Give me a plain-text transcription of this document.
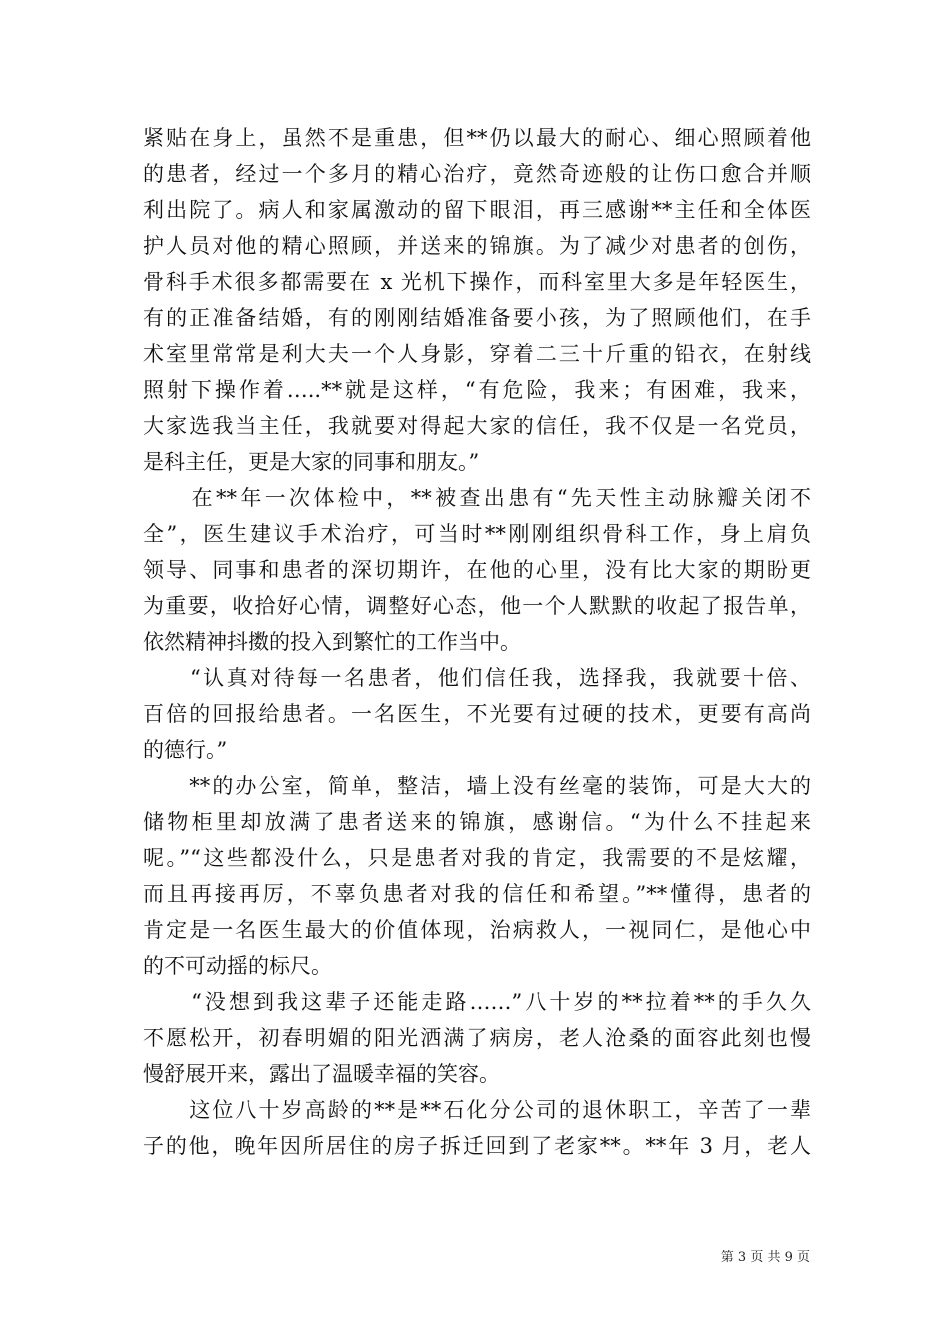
紧贴在身上，虽然不是重患，但**仍以最大的耐心、细心照顾着他
的患者，经过一个多月的精心治疗，竟然奇迹般的让伤口愈合并顺
利出院了。病人和家属激动的留下眼泪，再三感谢**主任和全体医
护人员对他的精心照顾，并送来的锦旗。为了减少对患者的创伤，
骨科手术很多都需要在 x 光机下操作，而科室里大多是年轻医生，
有的正准备结婚，有的刚刚结婚准备要小孩，为了照顾他们，在手
术室里常常是利大夫一个人身影，穿着二三十斤重的铅衣，在射线
照射下操作着…..**就是这样，“有危险，我来；有困难，我来，
大家选我当主任，我就要对得起大家的信任，我不仅是一名党员，
是科主任，更是大家的同事和朋友。”
　　在**年一次体检中，**被查出患有“先天性主动脉瓣关闭不
全”，医生建议手术治疗，可当时**刚刚组织骨科工作，身上肩负
领导、同事和患者的深切期许，在他的心里，没有比大家的期盼更
为重要，收拾好心情，调整好心态，他一个人默默的收起了报告单，
依然精神抖擞的投入到繁忙的工作当中。
　　“认真对待每一名患者，他们信任我，选择我，我就要十倍、
百倍的回报给患者。一名医生，不光要有过硬的技术，更要有高尚
的德行。”
　　**的办公室，简单，整洁，墙上没有丝毫的装饰，可是大大的
储物柜里却放满了患者送来的锦旗，感谢信。“为什么不挂起来
呢。”“这些都没什么，只是患者对我的肯定，我需要的不是炫耀，
而且再接再厉，不辜负患者对我的信任和希望。”**懂得，患者的
肯定是一名医生最大的价值体现，治病救人，一视同仁，是他心中
的不可动摇的标尺。
　　“没想到我这辈子还能走路……”八十岁的**拉着**的手久久
不愿松开，初春明媚的阳光洒满了病房，老人沧桑的面容此刻也慢
慢舒展开来，露出了温暖幸福的笑容。
　　这位八十岁高龄的**是**石化分公司的退休职工，辛苦了一辈
子的他，晚年因所居住的房子拆迁回到了老家**。**年 3 月，老人
第 3 页 共 9 页
